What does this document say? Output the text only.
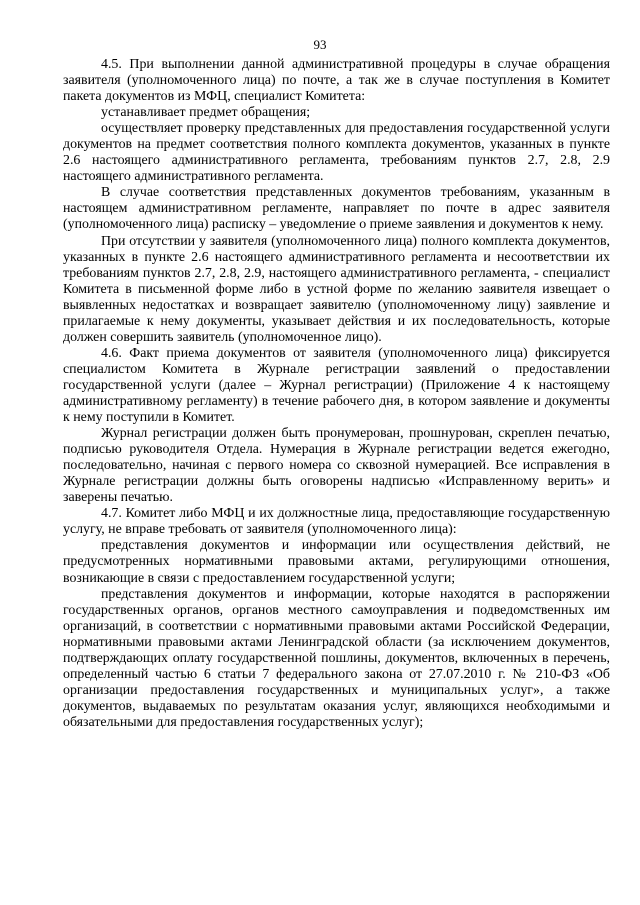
93

4.5. При выполнении данной административной процедуры в случае обращения заявителя (уполномоченного лица) по почте, а так же в случае поступления в Комитет пакета документов из МФЦ, специалист Комитета:

устанавливает предмет обращения;

осуществляет проверку представленных для предоставления государственной услуги документов на предмет соответствия полного комплекта документов, указанных в пункте 2.6 настоящего административного регламента, требованиям пунктов 2.7, 2.8, 2.9 настоящего административного регламента.

В случае соответствия представленных документов требованиям, указанным в настоящем административном регламенте, направляет по почте в адрес заявителя (уполномоченного лица) расписку – уведомление о приеме заявления и документов к нему.

При отсутствии у заявителя (уполномоченного лица) полного комплекта документов, указанных в пункте 2.6 настоящего административного регламента и несоответствии их требованиям пунктов 2.7, 2.8, 2.9, настоящего административного регламента, - специалист Комитета в письменной форме либо в устной форме по желанию заявителя извещает о выявленных недостатках и возвращает заявителю (уполномоченному лицу) заявление и прилагаемые к нему документы, указывает действия и их последовательность, которые должен совершить заявитель (уполномоченное лицо).

4.6. Факт приема документов от заявителя (уполномоченного лица) фиксируется специалистом Комитета в Журнале регистрации заявлений о предоставлении государственной услуги (далее – Журнал регистрации) (Приложение 4 к настоящему административному регламенту) в течение рабочего дня, в котором заявление и документы к нему поступили в Комитет.

Журнал регистрации должен быть пронумерован, прошнурован, скреплен печатью, подписью руководителя Отдела. Нумерация в Журнале регистрации ведется ежегодно, последовательно, начиная с первого номера со сквозной нумерацией. Все исправления в Журнале регистрации должны быть оговорены надписью «Исправленному верить» и заверены печатью.

4.7. Комитет либо МФЦ и их должностные лица, предоставляющие государственную услугу, не вправе требовать от заявителя (уполномоченного лица):

представления документов и информации или осуществления действий, не предусмотренных нормативными правовыми актами, регулирующими отношения, возникающие в связи с предоставлением государственной услуги;

представления документов и информации, которые находятся в распоряжении государственных органов, органов местного самоуправления и подведомственных им организаций, в соответствии с нормативными правовыми актами Российской Федерации, нормативными правовыми актами Ленинградской области (за исключением документов, подтверждающих оплату государственной пошлины, документов, включенных в перечень, определенный частью 6 статьи 7 федерального закона от 27.07.2010 г. № 210-ФЗ «Об организации предоставления государственных и муниципальных услуг», а также документов, выдаваемых по результатам оказания услуг, являющихся необходимыми и обязательными для предоставления государственных услуг);
